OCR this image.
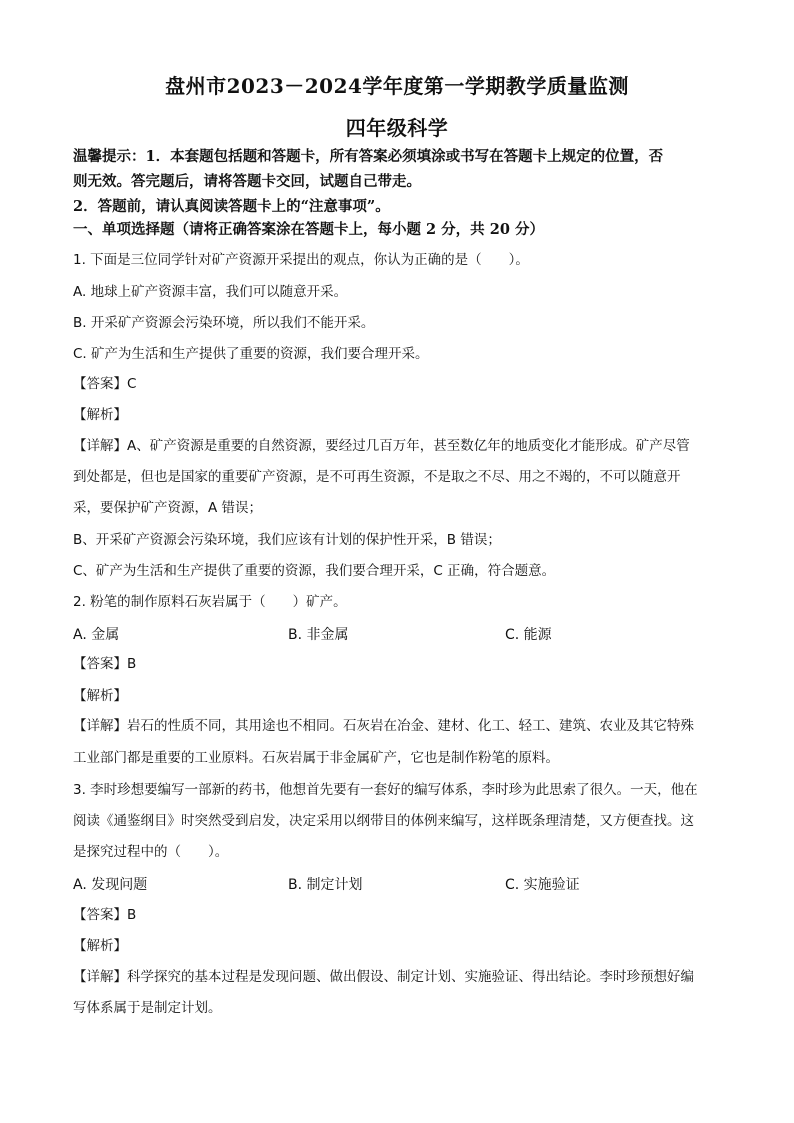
盘州市2023－2024学年度第一学期教学质量监测
四年级科学
温馨提示：1．本套题包括题和答题卡，所有答案必须填涂或书写在答题卡上规定的位置，否
则无效。答完题后，请将答题卡交回，试题自己带走。
2．答题前，请认真阅读答题卡上的“注意事项”。
一、单项选择题（请将正确答案涂在答题卡上，每小题 2 分，共 20 分）
1. 下面是三位同学针对矿产资源开采提出的观点，你认为正确的是（　　）。
A. 地球上矿产资源丰富，我们可以随意开采。
B. 开采矿产资源会污染环境，所以我们不能开采。
C. 矿产为生活和生产提供了重要的资源，我们要合理开采。
【答案】C
【解析】
【详解】A、矿产资源是重要的自然资源，要经过几百万年，甚至数亿年的地质变化才能形成。矿产尽管
到处都是，但也是国家的重要矿产资源，是不可再生资源，不是取之不尽、用之不竭的，不可以随意开
采，要保护矿产资源，A 错误；
B、开采矿产资源会污染环境，我们应该有计划的保护性开采，B 错误；
C、矿产为生活和生产提供了重要的资源，我们要合理开采，C 正确，符合题意。
2. 粉笔的制作原料石灰岩属于（　　）矿产。
A. 金属	B. 非金属	C. 能源
【答案】B
【解析】
【详解】岩石的性质不同，其用途也不相同。石灰岩在冶金、建材、化工、轻工、建筑、农业及其它特殊
工业部门都是重要的工业原料。石灰岩属于非金属矿产，它也是制作粉笔的原料。
3. 李时珍想要编写一部新的药书，他想首先要有一套好的编写体系，李时珍为此思索了很久。一天，他在
阅读《通鉴纲目》时突然受到启发，决定采用以纲带目的体例来编写，这样既条理清楚，又方便查找。这
是探究过程中的（　　）。
A. 发现问题	B. 制定计划	C. 实施验证
【答案】B
【解析】
【详解】科学探究的基本过程是发现问题、做出假设、制定计划、实施验证、得出结论。李时珍预想好编
写体系属于是制定计划。
